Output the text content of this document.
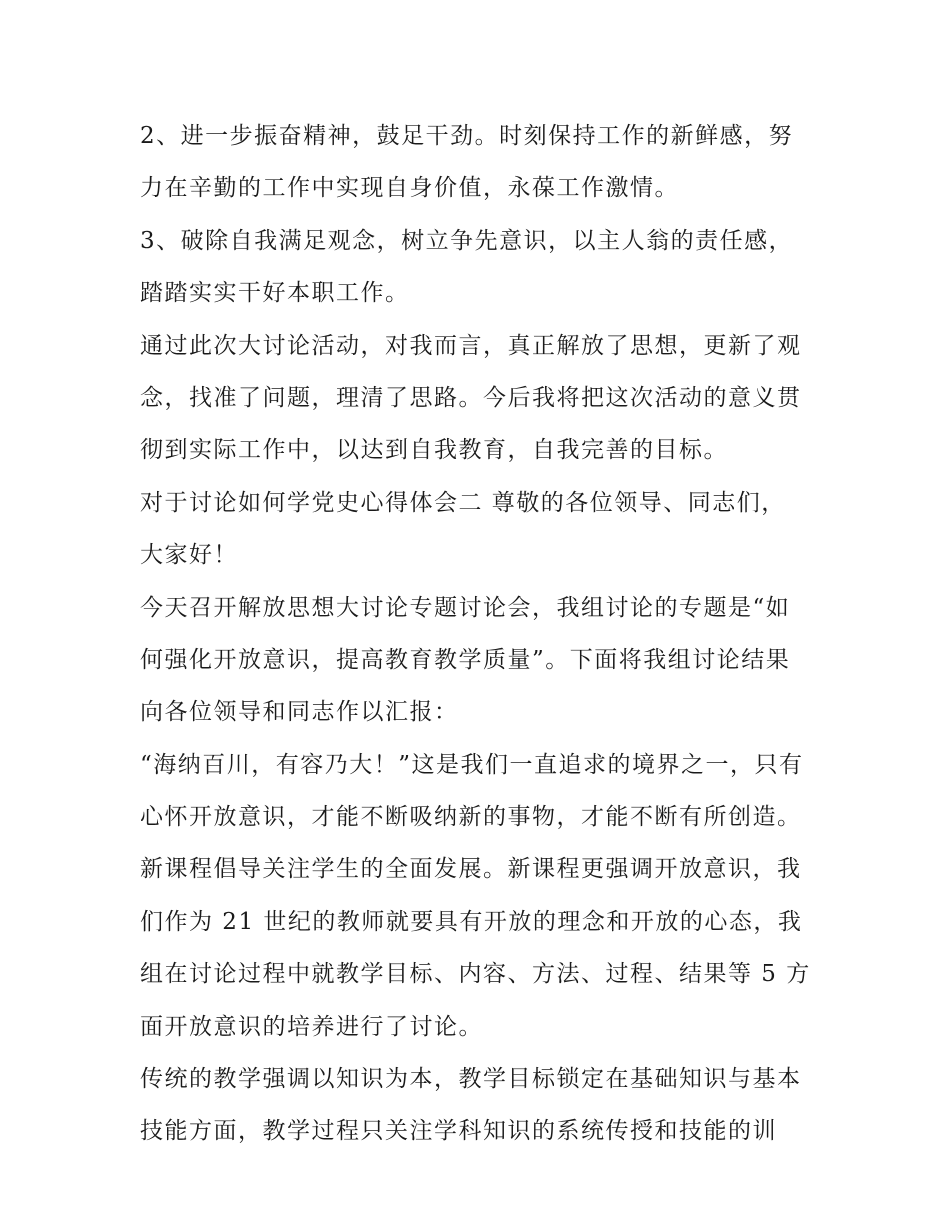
2、进一步振奋精神，鼓足干劲。时刻保持工作的新鲜感，努
力在辛勤的工作中实现自身价值，永葆工作激情。
3、破除自我满足观念，树立争先意识，以主人翁的责任感，
踏踏实实干好本职工作。
通过此次大讨论活动，对我而言，真正解放了思想，更新了观
念，找准了问题，理清了思路。今后我将把这次活动的意义贯
彻到实际工作中，以达到自我教育，自我完善的目标。
对于讨论如何学党史心得体会二 尊敬的各位领导、同志们，
大家好！
今天召开解放思想大讨论专题讨论会，我组讨论的专题是“如
何强化开放意识，提高教育教学质量”。下面将我组讨论结果
向各位领导和同志作以汇报：
“海纳百川，有容乃大！”这是我们一直追求的境界之一，只有
心怀开放意识，才能不断吸纳新的事物，才能不断有所创造。
新课程倡导关注学生的全面发展。新课程更强调开放意识，我
们作为 21 世纪的教师就要具有开放的理念和开放的心态，我
组在讨论过程中就教学目标、内容、方法、过程、结果等 5 方
面开放意识的培养进行了讨论。
传统的教学强调以知识为本，教学目标锁定在基础知识与基本
技能方面，教学过程只关注学科知识的系统传授和技能的训
